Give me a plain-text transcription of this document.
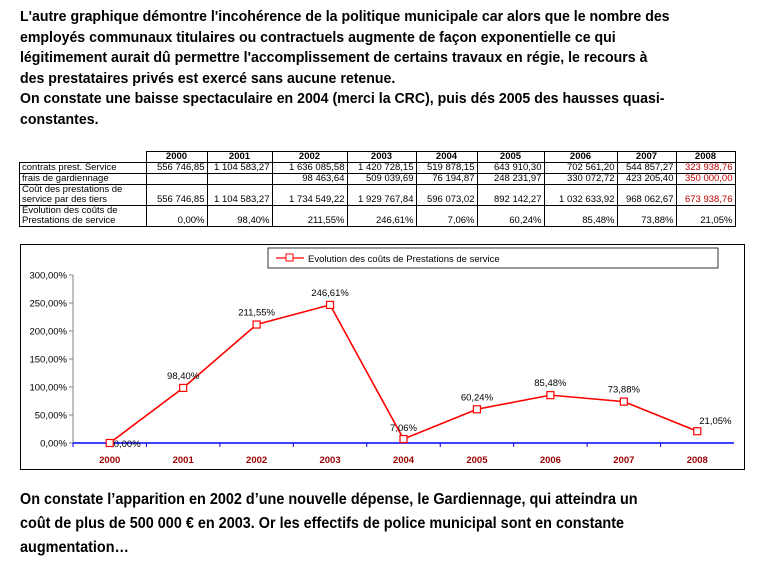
L'autre graphique démontre l'incohérence de la politique municipale car alors que le nombre des
employés communaux titulaires ou contractuels augmente de façon exponentielle ce qui
légitimement aurait dû permettre l'accomplissement de certains travaux en régie, le recours à
des prestataires privés est exercé sans aucune retenue.
On constate une baisse spectaculaire en 2004 (merci la CRC), puis dés 2005 des hausses quasi-
constantes.
	2000	2001	2002	2003	2004	2005	2006	2007	2008
contrats prest. Service	556 746,85	1 104 583,27	1 636 085,58	1 420 728,15	519 878,15	643 910,30	702 561,20	544 857,27	323 938,76
frais de gardiennage			98 463,64	509 039,69	76 194,87	248 231,97	330 072,72	423 205,40	350 000,00
Coût des prestations de
service par des tiers	556 746,85	1 104 583,27	1 734 549,22	1 929 767,84	596 073,02	892 142,27	1 032 633,92	968 062,67	673 938,76
Evolution des coûts de
Prestations de service	0,00%	98,40%	211,55%	246,61%	7,06%	60,24%	85,48%	73,88%	21,05%
Evolution des coûts de Prestations de service
0,00%
50,00%
100,00%
150,00%
200,00%
250,00%
300,00%
2000	2001	2002	2003	2004	2005	2006	2007	2008
0,00%
98,40%
211,55%
246,61%
7,06%
60,24%
85,48%
73,88%
21,05%
On constate l’apparition en 2002 d’une nouvelle dépense, le Gardiennage, qui atteindra un
coût de plus de 500 000 € en 2003. Or les effectifs de police municipal sont en constante
augmentation…
